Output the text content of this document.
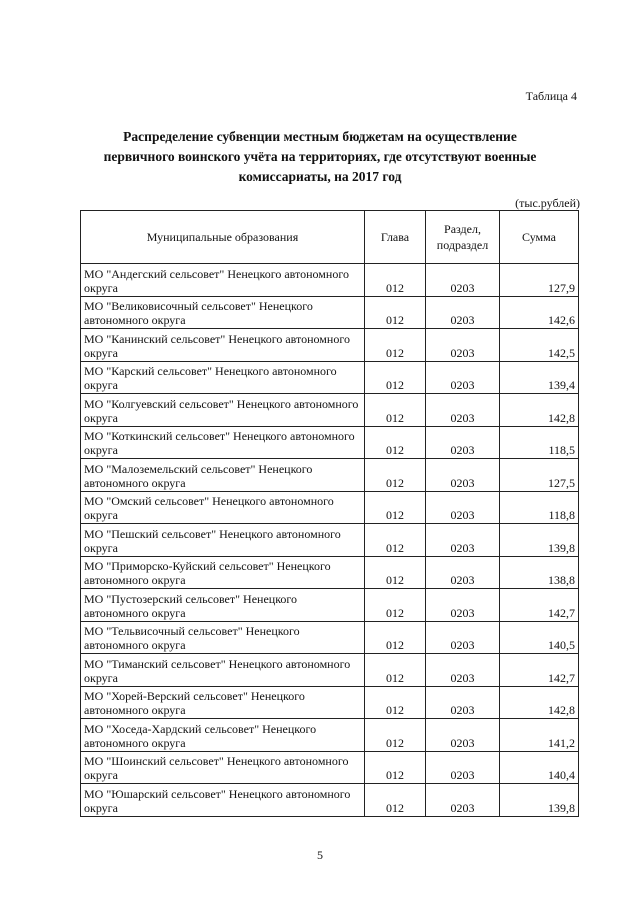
Таблица 4
Распределение субвенции местным бюджетам на осуществление первичного воинского учёта на территориях, где отсутствуют военные комиссариаты, на 2017 год
(тыс.рублей)
Муниципальные образования	Глава	Раздел, подраздел	Сумма
МО "Андегский сельсовет" Ненецкого автономного округа	012	0203	127,9
МО "Великовисочный сельсовет" Ненецкого автономного округа	012	0203	142,6
МО "Канинский сельсовет" Ненецкого автономного округа	012	0203	142,5
МО "Карский сельсовет" Ненецкого автономного округа	012	0203	139,4
МО "Колгуевский сельсовет" Ненецкого автономного округа	012	0203	142,8
МО "Коткинский сельсовет" Ненецкого автономного округа	012	0203	118,5
МО "Малоземельский сельсовет" Ненецкого автономного округа	012	0203	127,5
МО "Омский сельсовет" Ненецкого автономного округа	012	0203	118,8
МО "Пешский сельсовет" Ненецкого автономного округа	012	0203	139,8
МО "Приморско-Куйский сельсовет" Ненецкого автономного округа	012	0203	138,8
МО "Пустозерский сельсовет" Ненецкого автономного округа	012	0203	142,7
МО "Тельвисочный сельсовет" Ненецкого автономного округа	012	0203	140,5
МО "Тиманский сельсовет" Ненецкого автономного округа	012	0203	142,7
МО "Хорей-Верский сельсовет" Ненецкого автономного округа	012	0203	142,8
МО "Хоседа-Хардский сельсовет" Ненецкого автономного округа	012	0203	141,2
МО "Шоинский сельсовет" Ненецкого автономного округа	012	0203	140,4
МО "Юшарский сельсовет" Ненецкого автономного округа	012	0203	139,8
5
